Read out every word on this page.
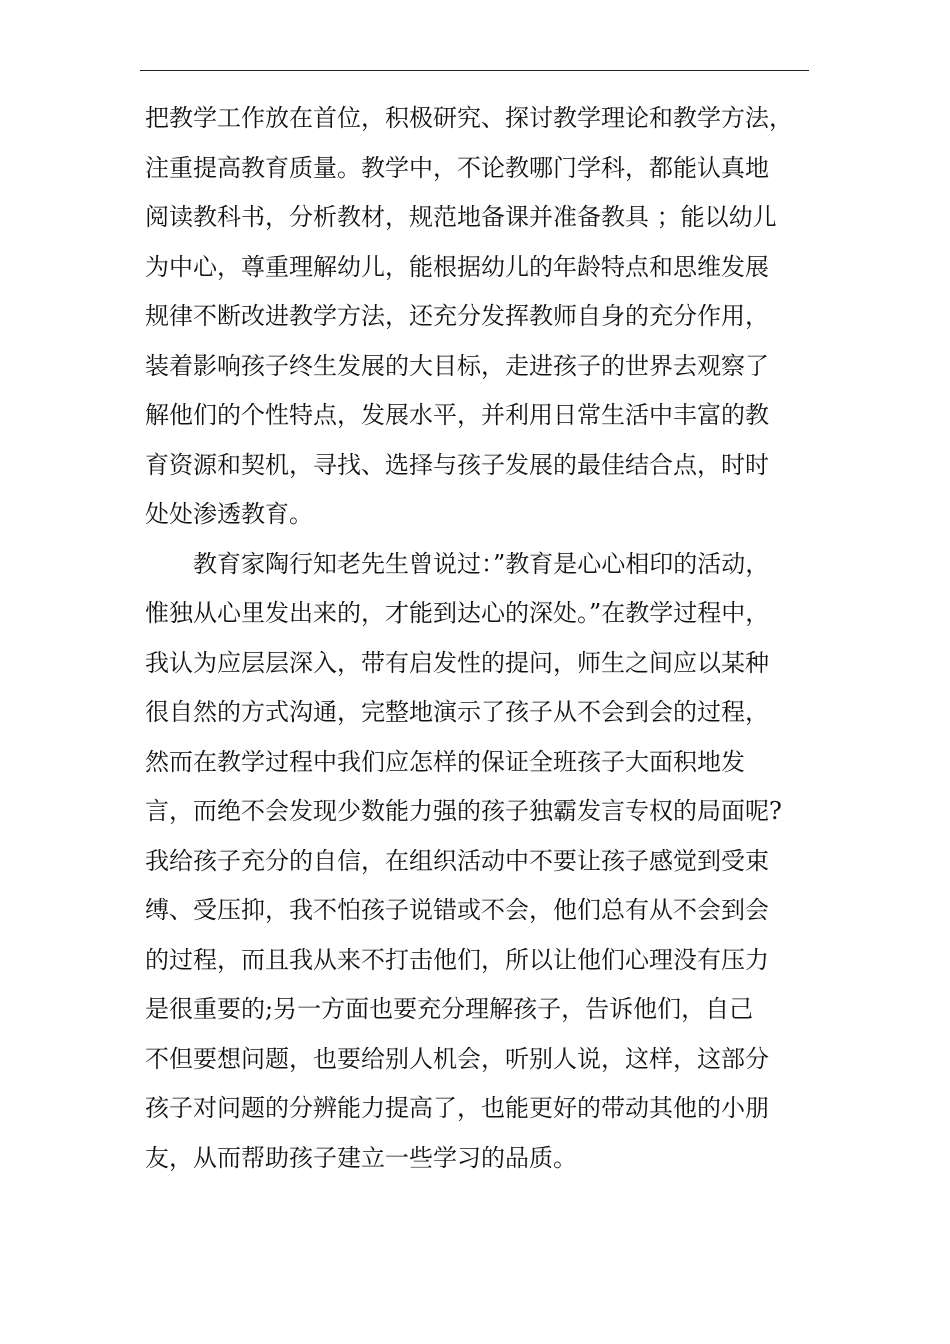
把教学工作放在首位，积极研究、探讨教学理论和教学方法，
注重提高教育质量。教学中，不论教哪门学科，都能认真地
阅读教科书，分析教材，规范地备课并准备教具 ；能以幼儿
为中心，尊重理解幼儿，能根据幼儿的年龄特点和思维发展
规律不断改进教学方法，还充分发挥教师自身的充分作用，
装着影响孩子终生发展的大目标，走进孩子的世界去观察了
解他们的个性特点，发展水平，并利用日常生活中丰富的教
育资源和契机，寻找、选择与孩子发展的最佳结合点，时时
处处渗透教育。
教育家陶行知老先生曾说过：”教育是心心相印的活动，
惟独从心里发出来的，才能到达心的深处。”在教学过程中，
我认为应层层深入，带有启发性的提问，师生之间应以某种
很自然的方式沟通，完整地演示了孩子从不会到会的过程，
然而在教学过程中我们应怎样的保证全班孩子大面积地发
言，而绝不会发现少数能力强的孩子独霸发言专权的局面呢?
我给孩子充分的自信，在组织活动中不要让孩子感觉到受束
缚、受压抑，我不怕孩子说错或不会，他们总有从不会到会
的过程，而且我从来不打击他们，所以让他们心理没有压力
是很重要的;另一方面也要充分理解孩子，告诉他们，自己
不但要想问题，也要给别人机会，听别人说，这样，这部分
孩子对问题的分辨能力提高了，也能更好的带动其他的小朋
友，从而帮助孩子建立一些学习的品质。
